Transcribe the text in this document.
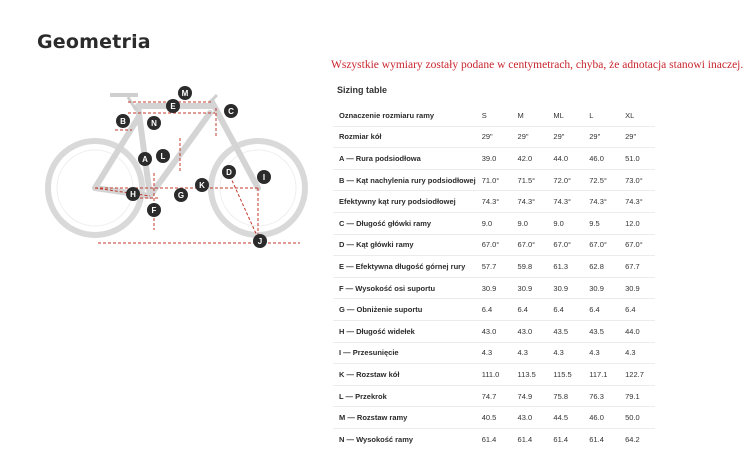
Geometria
Wszystkie wymiary zostały podane w centymetrach, chyba, że adnotacja stanowi inaczej.
M
E
C
B	N
L
A
D
I
K
H	G
F
J
Sizing table
Oznaczenie rozmiaru ramy	S	M	ML	L	XL
Rozmiar kół	29"	29"	29"	29"	29"
A — Rura podsiodłowa	39.0	42.0	44.0	46.0	51.0
B — Kąt nachylenia rury podsiodłowej	71.0°	71.5°	72.0°	72.5°	73.0°
Efektywny kąt rury podsiodłowej	74.3°	74.3°	74.3°	74.3°	74.3°
C — Długość główki ramy	9.0	9.0	9.0	9.5	12.0
D — Kąt główki ramy	67.0°	67.0°	67.0°	67.0°	67.0°
E — Efektywna długość górnej rury	57.7	59.8	61.3	62.8	67.7
F — Wysokość osi suportu	30.9	30.9	30.9	30.9	30.9
G — Obniżenie suportu	6.4	6.4	6.4	6.4	6.4
H — Długość widełek	43.0	43.0	43.5	43.5	44.0
I — Przesunięcie	4.3	4.3	4.3	4.3	4.3
K — Rozstaw kół	111.0	113.5	115.5	117.1	122.7
L — Przekrok	74.7	74.9	75.8	76.3	79.1
M — Rozstaw ramy	40.5	43.0	44.5	46.0	50.0
N — Wysokość ramy	61.4	61.4	61.4	61.4	64.2
